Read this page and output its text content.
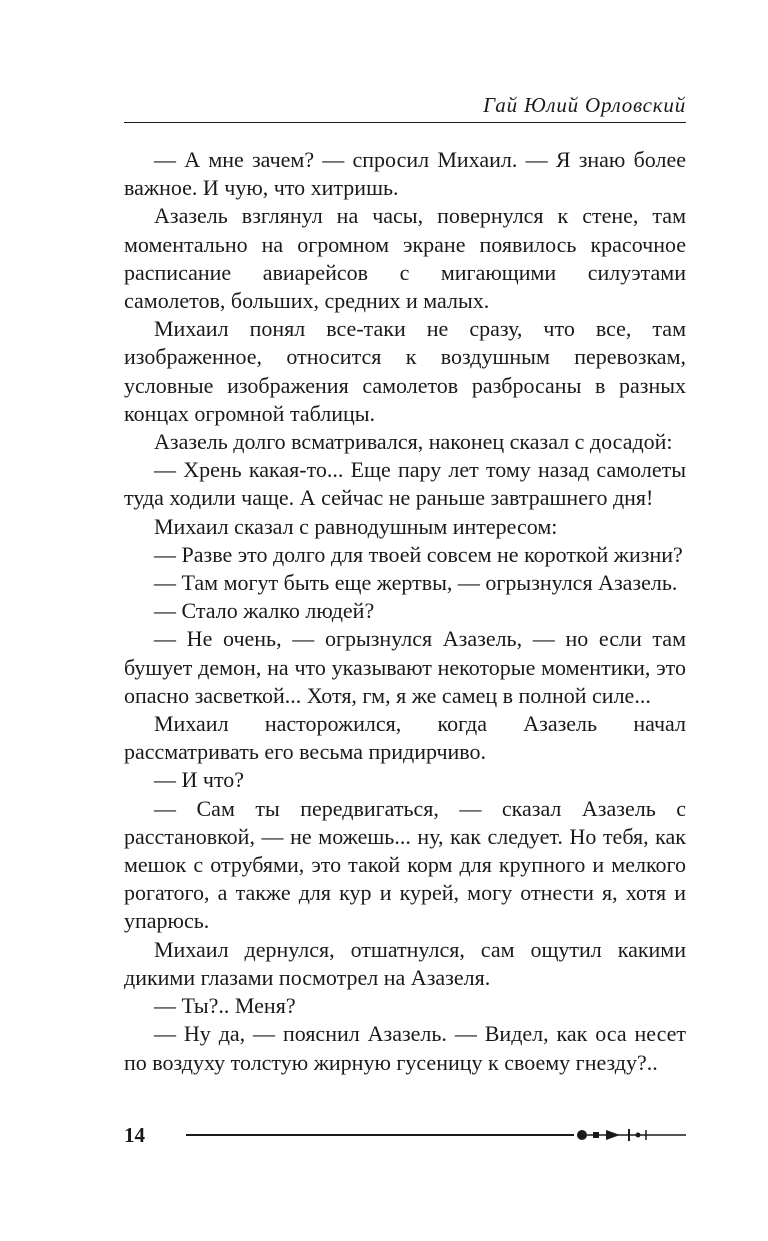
Гай Юлий Орловский

— А мне зачем? — спросил Михаил. — Я знаю более важное. И чую, что хитришь.

Азазель взглянул на часы, повернулся к стене, там моментально на огромном экране появилось красочное расписание авиарейсов с мигающими силуэтами самолетов, больших, средних и малых.

Михаил понял все-таки не сразу, что все, там изображенное, относится к воздушным перевозкам, условные изображения самолетов разбросаны в разных концах огромной таблицы.

Азазель долго всматривался, наконец сказал с досадой:

— Хрень какая-то... Еще пару лет тому назад самолеты туда ходили чаще. А сейчас не раньше завтрашнего дня!

Михаил сказал с равнодушным интересом:

— Разве это долго для твоей совсем не короткой жизни?

— Там могут быть еще жертвы, — огрызнулся Азазель.

— Стало жалко людей?

— Не очень, — огрызнулся Азазель, — но если там бушует демон, на что указывают некоторые моментики, это опасно засветкой... Хотя, гм, я же самец в полной силе...

Михаил насторожился, когда Азазель начал рассматривать его весьма придирчиво.

— И что?

— Сам ты передвигаться, — сказал Азазель с расстановкой, — не можешь... ну, как следует. Но тебя, как мешок с отрубями, это такой корм для крупного и мелкого рогатого, а также для кур и курей, могу отнести я, хотя и упарюсь.

Михаил дернулся, отшатнулся, сам ощутил какими дикими глазами посмотрел на Азазеля.

— Ты?.. Меня?

— Ну да, — пояснил Азазель. — Видел, как оса несет по воздуху толстую жирную гусеницу к своему гнезду?..

14
